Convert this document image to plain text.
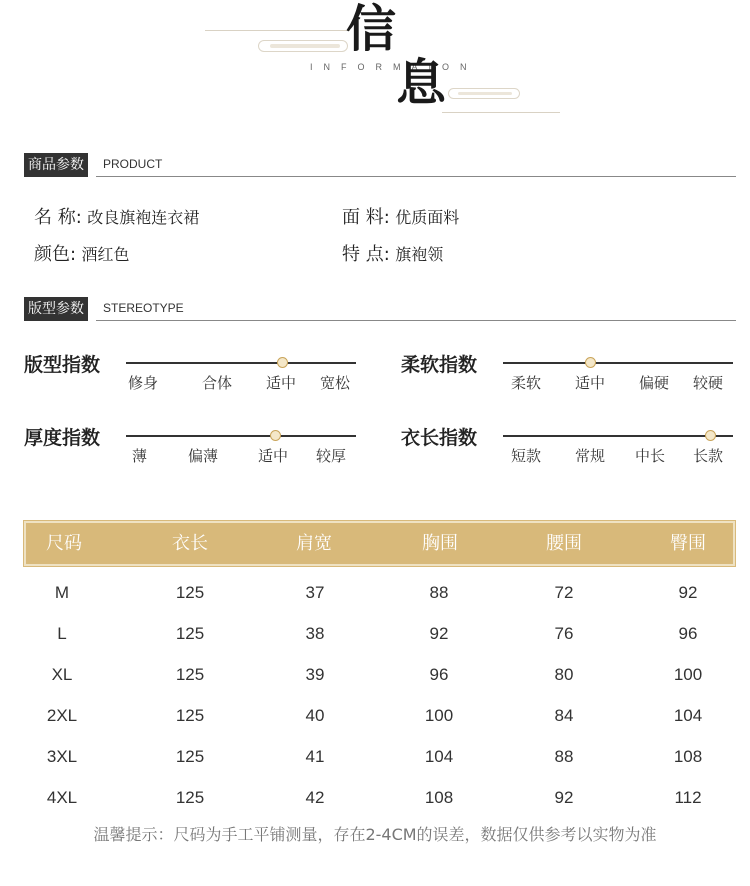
信
INFORMAION
息
商品参数	PRODUCT
名 称: 改良旗袍连衣裙	面 料: 优质面料
颜色: 酒红色	特 点: 旗袍领
版型参数	STEREOTYPE
版型指数
修身	合体 适中 宽松
柔软指数
柔软 适中 偏硬 较硬
厚度指数
薄	偏薄	适中 较厚
衣长指数
短款 常规 中长 长款
尺码	衣长	肩宽	胸围	腰围	臀围
M	125	37	88	72	92
L	125	38	92	76	96
XL	125	39	96	80	100
2XL	125	40	100	84	104
3XL	125	41	104	88	108
4XL	125	42	108	92	112
温馨提示：尺码为手工平铺测量，存在2-4CM的误差，数据仅供参考以实物为准
